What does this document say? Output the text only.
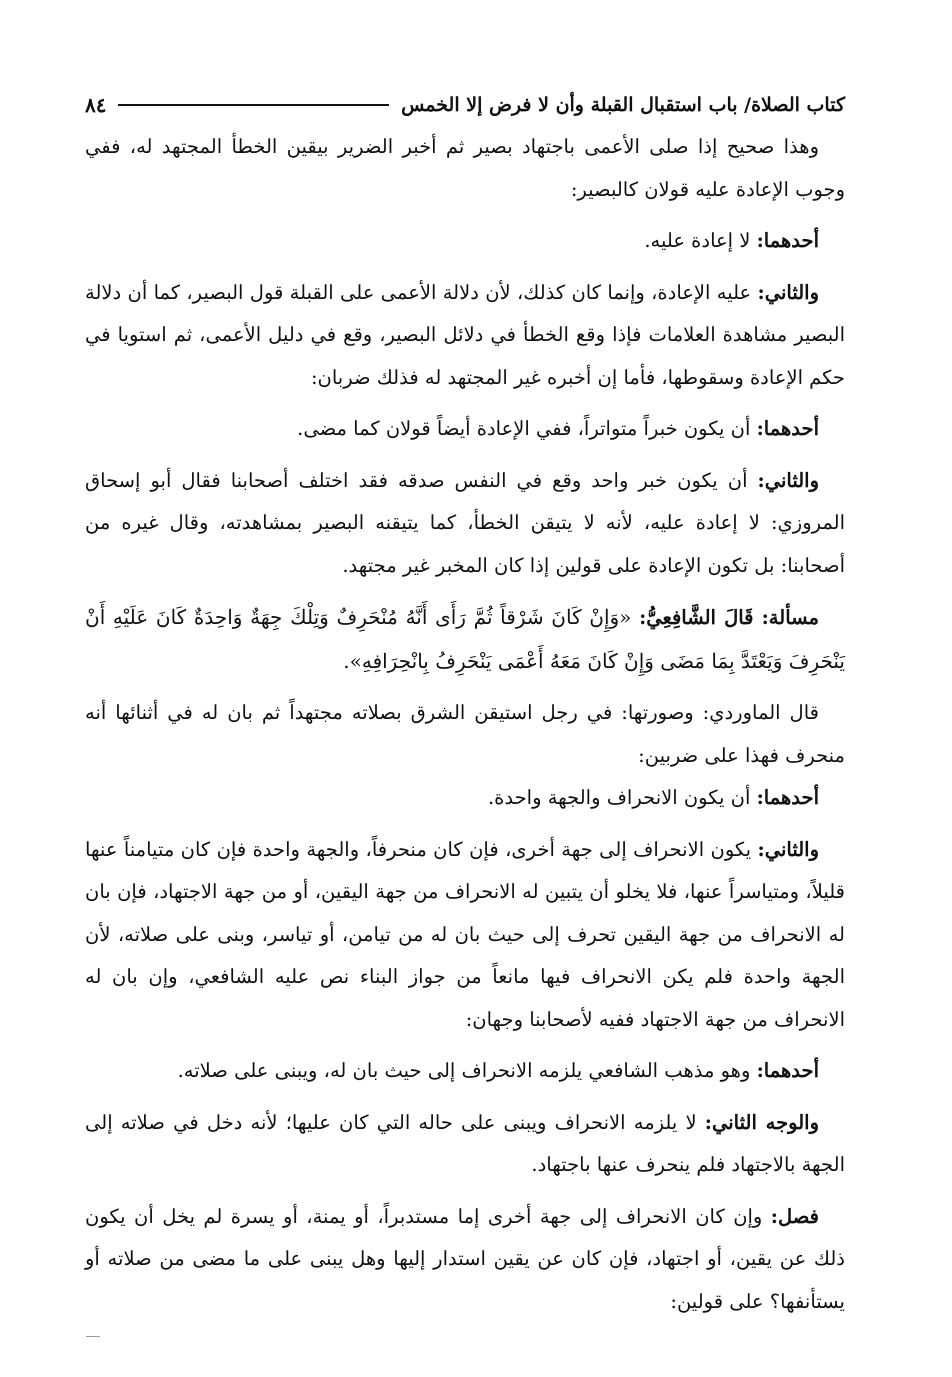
كتاب الصلاة/ باب استقبال القبلة وأن لا فرض إلا الخمس
٨٤

وهذا صحيح إذا صلى الأعمى باجتهاد بصير ثم أخبر الضرير بيقين الخطأ المجتهد له، ففي وجوب الإعادة عليه قولان كالبصير:

أحدهما: لا إعادة عليه.

والثاني: عليه الإعادة، وإنما كان كذلك، لأن دلالة الأعمى على القبلة قول البصير، كما أن دلالة البصير مشاهدة العلامات فإذا وقع الخطأ في دلائل البصير، وقع في دليل الأعمى، ثم استويا في حكم الإعادة وسقوطها، فأما إن أخبره غير المجتهد له فذلك ضربان:

أحدهما: أن يكون خبراً متواتراً، ففي الإعادة أيضاً قولان كما مضى.

والثاني: أن يكون خبر واحد وقع في النفس صدقه فقد اختلف أصحابنا فقال أبو إسحاق المروزي: لا إعادة عليه، لأنه لا يتيقن الخطأ، كما يتيقنه البصير بمشاهدته، وقال غيره من أصحابنا: بل تكون الإعادة على قولين إذا كان المخبر غير مجتهد.

مسألة: قَالَ الشَّافِعِيُّ: «وَإِنْ كَانَ شَرْقاً ثُمَّ رَأَى أَنَّهُ مُنْحَرِفٌ وَتِلْكَ جِهَةٌ وَاحِدَةٌ كَانَ عَلَيْهِ أَنْ يَنْحَرِفَ وَيَعْتَدَّ بِمَا مَضَى وَإِنْ كَانَ مَعَهُ أَعْمَى يَنْحَرِفُ بِانْحِرَافِهِ».

قال الماوردي: وصورتها: في رجل استيقن الشرق بصلاته مجتهداً ثم بان له في أثنائها أنه منحرف فهذا على ضربين:

أحدهما: أن يكون الانحراف والجهة واحدة.

والثاني: يكون الانحراف إلى جهة أخرى، فإن كان منحرفاً، والجهة واحدة فإن كان متيامناً عنها قليلاً، ومتياسراً عنها، فلا يخلو أن يتبين له الانحراف من جهة اليقين، أو من جهة الاجتهاد، فإن بان له الانحراف من جهة اليقين تحرف إلى حيث بان له من تيامن، أو تياسر، وبنى على صلاته، لأن الجهة واحدة فلم يكن الانحراف فيها مانعاً من جواز البناء نص عليه الشافعي، وإن بان له الانحراف من جهة الاجتهاد ففيه لأصحابنا وجهان:

أحدهما: وهو مذهب الشافعي يلزمه الانحراف إلى حيث بان له، ويبنى على صلاته.

والوجه الثاني: لا يلزمه الانحراف ويبنى على حاله التي كان عليها؛ لأنه دخل في صلاته إلى الجهة بالاجتهاد فلم ينحرف عنها باجتهاد.

فصل: وإن كان الانحراف إلى جهة أخرى إما مستدبراً، أو يمنة، أو يسرة لم يخل أن يكون ذلك عن يقين، أو اجتهاد، فإن كان عن يقين استدار إليها وهل يبنى على ما مضى من صلاته أو يستأنفها؟ على قولين:
